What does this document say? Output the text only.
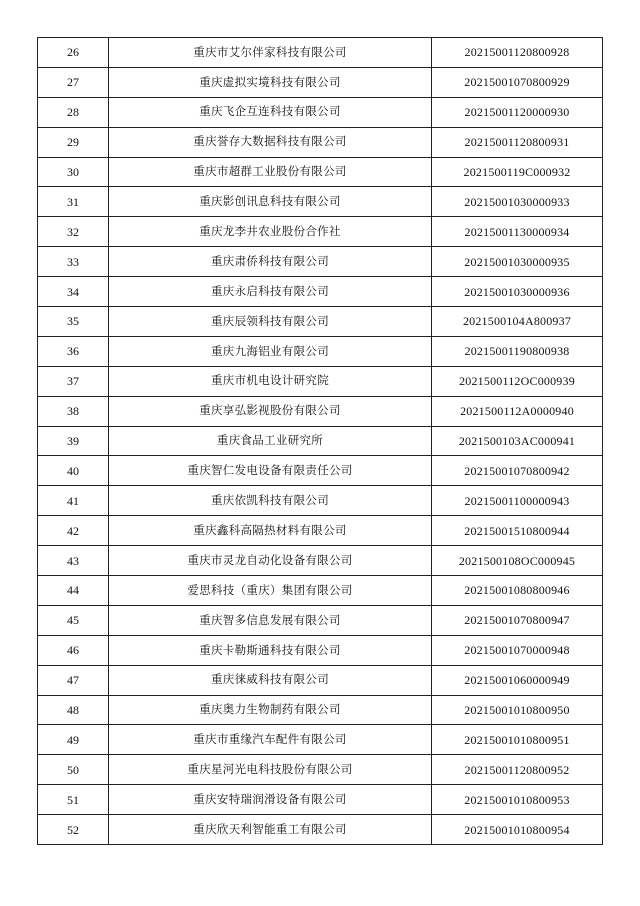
26	重庆市艾尔伴家科技有限公司	20215001120800928
27	重庆虚拟实境科技有限公司	20215001070800929
28	重庆飞企互连科技有限公司	20215001120000930
29	重庆誉存大数据科技有限公司	20215001120800931
30	重庆市超群工业股份有限公司	2021500119C000932
31	重庆影创讯息科技有限公司	20215001030000933
32	重庆龙李井农业股份合作社	20215001130000934
33	重庆肃侨科技有限公司	20215001030000935
34	重庆永启科技有限公司	20215001030000936
35	重庆辰领科技有限公司	2021500104A800937
36	重庆九海铝业有限公司	20215001190800938
37	重庆市机电设计研究院	2021500112OC000939
38	重庆享弘影视股份有限公司	2021500112A0000940
39	重庆食品工业研究所	2021500103AC000941
40	重庆智仁发电设备有限责任公司	20215001070800942
41	重庆依凯科技有限公司	20215001100000943
42	重庆鑫科高隔热材料有限公司	20215001510800944
43	重庆市灵龙自动化设备有限公司	2021500108OC000945
44	爱思科技（重庆）集团有限公司	20215001080800946
45	重庆智多信息发展有限公司	20215001070800947
46	重庆卡勒斯通科技有限公司	20215001070000948
47	重庆徕威科技有限公司	20215001060000949
48	重庆奥力生物制药有限公司	20215001010800950
49	重庆市重缘汽车配件有限公司	20215001010800951
50	重庆星河光电科技股份有限公司	20215001120800952
51	重庆安特瑞润滑设备有限公司	20215001010800953
52	重庆欣天利智能重工有限公司	20215001010800954
